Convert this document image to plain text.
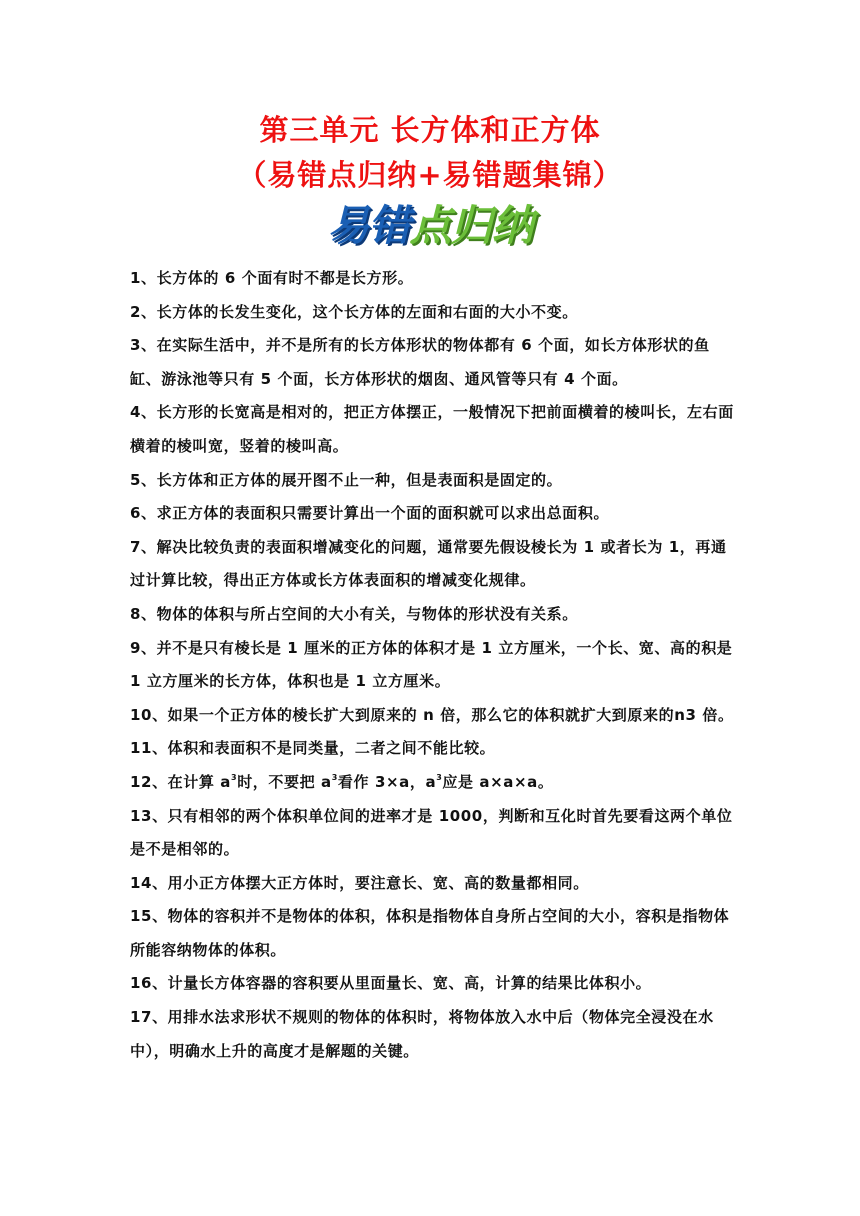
第三单元 长方体和正方体
（易错点归纳+易错题集锦）
易错点归纳
1、长方体的 6 个面有时不都是长方形。
2、长方体的长发生变化，这个长方体的左面和右面的大小不变。
3、在实际生活中，并不是所有的长方体形状的物体都有 6 个面，如长方体形状的鱼缸、游泳池等只有 5 个面，长方体形状的烟囱、通风管等只有 4 个面。
4、长方形的长宽高是相对的，把正方体摆正，一般情况下把前面横着的棱叫长，左右面横着的棱叫宽，竖着的棱叫高。
5、长方体和正方体的展开图不止一种，但是表面积是固定的。
6、求正方体的表面积只需要计算出一个面的面积就可以求出总面积。
7、解决比较负责的表面积增减变化的问题，通常要先假设棱长为 1 或者长为 1，再通过计算比较，得出正方体或长方体表面积的增减变化规律。
8、物体的体积与所占空间的大小有关，与物体的形状没有关系。
9、并不是只有棱长是 1 厘米的正方体的体积才是 1 立方厘米，一个长、宽、高的积是 1 立方厘米的长方体，体积也是 1 立方厘米。
10、如果一个正方体的棱长扩大到原来的 n 倍，那么它的体积就扩大到原来的n3 倍。
11、体积和表面积不是同类量，二者之间不能比较。
12、在计算 $a^3$时，不要把 $a^3$看作 3×a，$a^3$应是 a×a×a。
13、只有相邻的两个体积单位间的进率才是 1000，判断和互化时首先要看这两个单位是不是相邻的。
14、用小正方体摆大正方体时，要注意长、宽、高的数量都相同。
15、物体的容积并不是物体的体积，体积是指物体自身所占空间的大小，容积是指物体所能容纳物体的体积。
16、计量长方体容器的容积要从里面量长、宽、高，计算的结果比体积小。
17、用排水法求形状不规则的物体的体积时，将物体放入水中后（物体完全浸没在水中），明确水上升的高度才是解题的关键。
